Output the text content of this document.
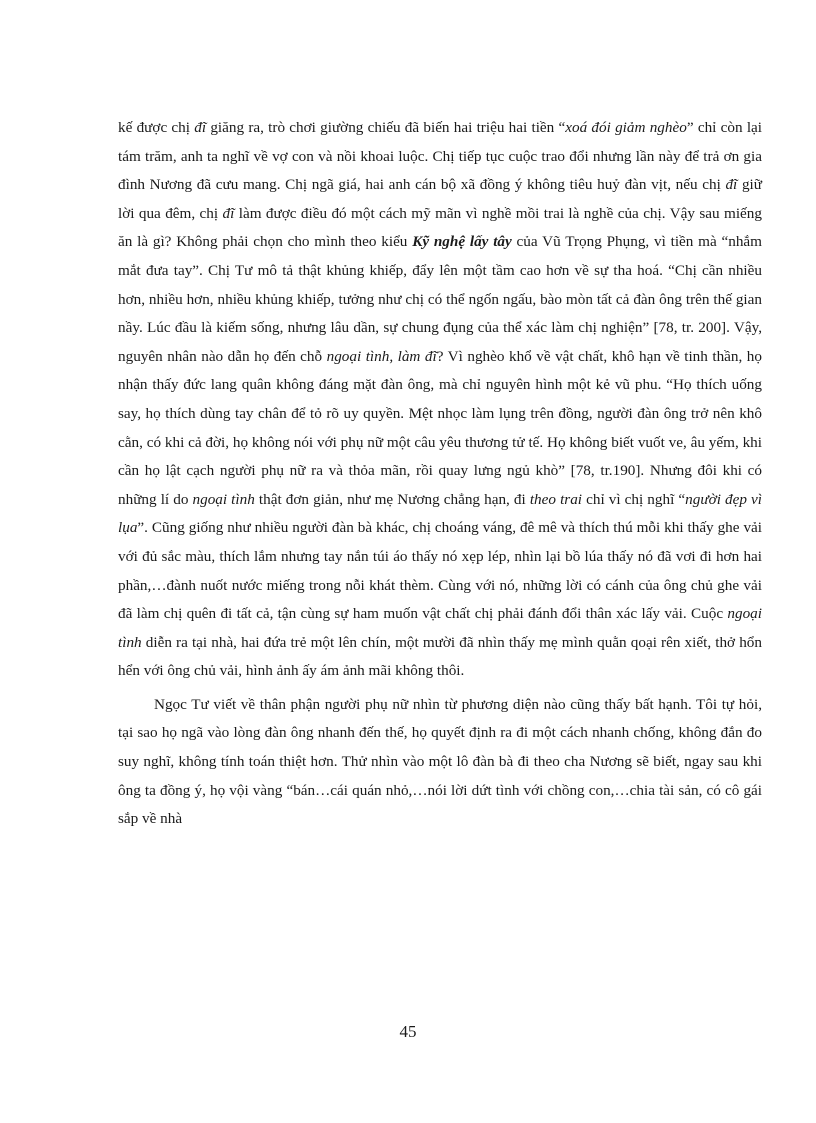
kế được chị đĩ giăng ra, trò chơi giường chiếu đã biến hai triệu hai tiền “xoá đói giảm nghèo” chỉ còn lại tám trăm, anh ta nghĩ về vợ con và nồi khoai luộc. Chị tiếp tục cuộc trao đổi nhưng lần này để trả ơn gia đình Nương đã cưu mang. Chị ngã giá, hai anh cán bộ xã đồng ý không tiêu huỷ đàn vịt, nếu chị đĩ giữ lời qua đêm, chị đĩ làm được điều đó một cách mỹ mãn vì nghề mồi trai là nghề của chị. Vậy sau miếng ăn là gì? Không phải chọn cho mình theo kiểu Kỹ nghệ lấy tây của Vũ Trọng Phụng, vì tiền mà “nhắm mắt đưa tay”. Chị Tư mô tả thật khủng khiếp, đẩy lên một tầm cao hơn về sự tha hoá. “Chị cần nhiều hơn, nhiều hơn, nhiều khủng khiếp, tưởng như chị có thể ngốn ngấu, bào mòn tất cả đàn ông trên thế gian nầy. Lúc đầu là kiếm sống, nhưng lâu dần, sự chung đụng của thể xác làm chị nghiện” [78, tr. 200]. Vậy, nguyên nhân nào dẫn họ đến chỗ ngoại tình, làm đĩ? Vì nghèo khổ về vật chất, khô hạn về tinh thần, họ nhận thấy đức lang quân không đáng mặt đàn ông, mà chỉ nguyên hình một kẻ vũ phu. “Họ thích uống say, họ thích dùng tay chân để tỏ rõ uy quyền. Mệt nhọc làm lụng trên đồng, người đàn ông trở nên khô cằn, có khi cả đời, họ không nói với phụ nữ một câu yêu thương tử tế. Họ không biết vuốt ve, âu yếm, khi cần họ lật cạch người phụ nữ ra và thỏa mãn, rồi quay lưng ngủ khò” [78, tr.190]. Nhưng đôi khi có những lí do ngoại tình thật đơn giản, như mẹ Nương chẳng hạn, đi theo trai chỉ vì chị nghĩ “người đẹp vì lụa”. Cũng giống như nhiều người đàn bà khác, chị choáng váng, đê mê và thích thú mỗi khi thấy ghe vải với đủ sắc màu, thích lắm nhưng tay nắn túi áo thấy nó xẹp lép, nhìn lại bồ lúa thấy nó đã vơi đi hơn hai phần,…đành nuốt nước miếng trong nỗi khát thèm. Cùng với nó, những lời có cánh của ông chủ ghe vải đã làm chị quên đi tất cả, tận cùng sự ham muốn vật chất chị phải đánh đổi thân xác lấy vải. Cuộc ngoại tình diễn ra tại nhà, hai đứa trẻ một lên chín, một mười đã nhìn thấy mẹ mình quằn qoại rên xiết, thở hổn hển với ông chủ vải, hình ảnh ấy ám ảnh mãi không thôi.

Ngọc Tư viết về thân phận người phụ nữ nhìn từ phương diện nào cũng thấy bất hạnh. Tôi tự hỏi, tại sao họ ngã vào lòng đàn ông nhanh đến thế, họ quyết định ra đi một cách nhanh chống, không đắn đo suy nghĩ, không tính toán thiệt hơn. Thử nhìn vào một lô đàn bà đi theo cha Nương sẽ biết, ngay sau khi ông ta đồng ý, họ vội vàng “bán…cái quán nhỏ,…nói lời dứt tình với chồng con,…chia tài sản, có cô gái sắp về nhà

45
